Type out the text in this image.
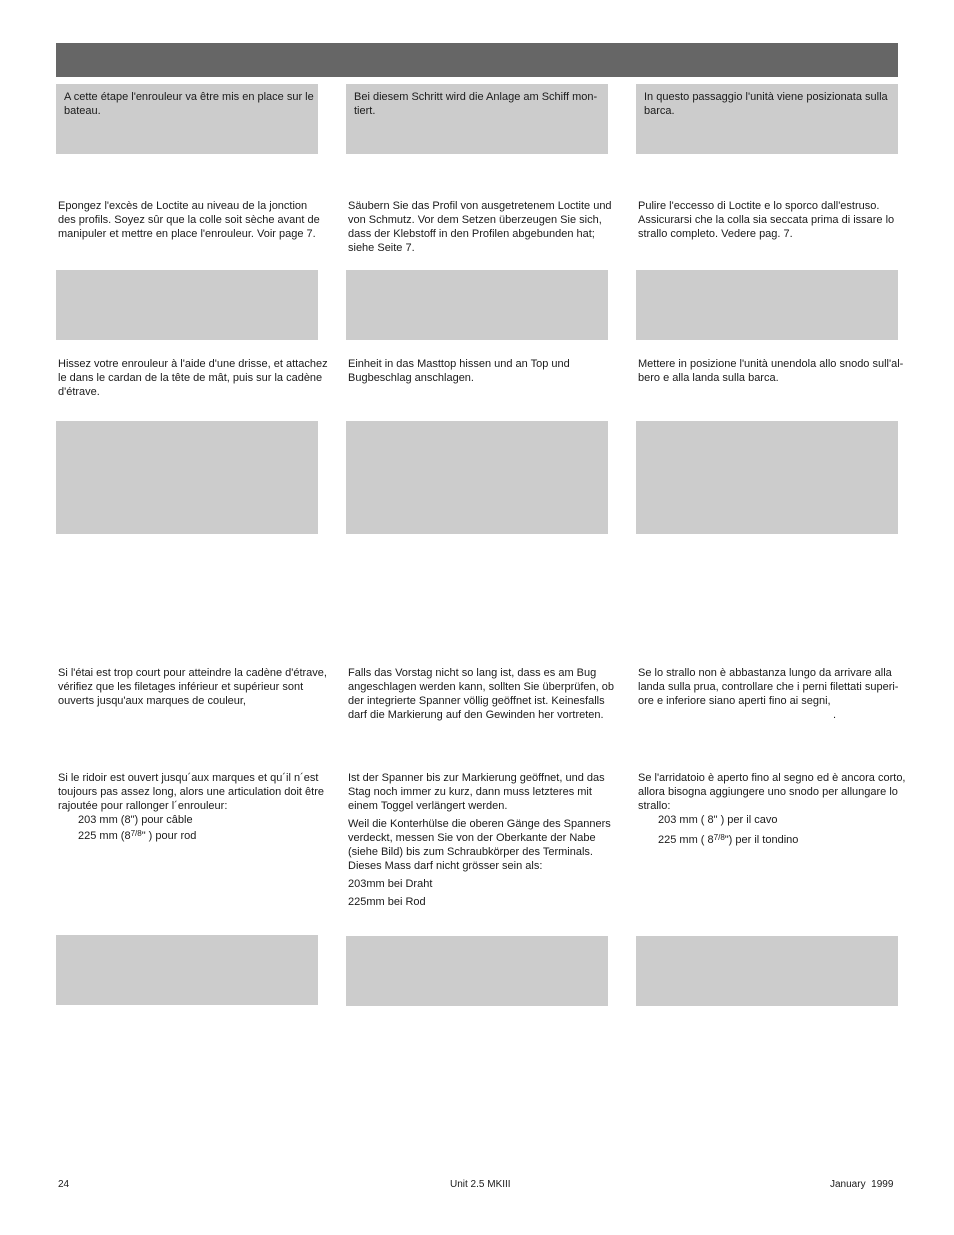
A cette étape l'enrouleur va être mis en place sur le
bateau.

Bei diesem Schritt wird die Anlage am Schiff mon-
tiert.

In questo passaggio l'unità viene posizionata sulla
barca.

Epongez l'excès de Loctite au niveau de la jonction
des profils. Soyez sûr que la colle soit sèche avant de
manipuler et mettre en place l'enrouleur. Voir page 7.
Säubern Sie das Profil von ausgetretenem Loctite und
von Schmutz. Vor dem Setzen überzeugen Sie sich,
dass der Klebstoff in den Profilen abgebunden hat;
siehe Seite 7.
Pulire l'eccesso di Loctite e lo sporco dall'estruso.
Assicurarsi che la colla sia seccata prima di issare lo
strallo completo. Vedere pag. 7.
Hissez votre enrouleur à l'aide d'une drisse, et attachez
le dans le cardan de la tête de mât, puis sur la cadène
d'étrave.
Einheit in das Masttop hissen und an Top und
Bugbeschlag anschlagen.
Mettere in posizione l'unità unendola allo snodo sull'al-
bero e alla landa sulla barca.
Si l'étai est trop court pour atteindre la cadène d'étrave,
vérifiez que les filetages inférieur et supérieur sont
ouverts jusqu'aux marques de couleur,
Falls das Vorstag nicht so lang ist, dass es am Bug
angeschlagen werden kann, sollten Sie überprüfen, ob
der integrierte Spanner völlig geöffnet ist. Keinesfalls
darf die Markierung auf den Gewinden her vortreten.
Se lo strallo non è abbastanza lungo da arrivare alla
landa sulla prua, controllare che i perni filettati superi-
ore e inferiore siano aperti fino ai segni,
.
Si le ridoir est ouvert jusqu´aux marques et qu´il n´est
toujours pas assez long, alors une articulation doit être
rajoutée pour rallonger l´enrouleur:
203 mm (8") pour câble
225 mm ($8^{7/8}$" ) pour rod
Ist der Spanner bis zur Markierung geöffnet, und das
Stag noch immer zu kurz, dann muss letzteres mit
einem Toggel verlängert werden.
Weil die Konterhülse die oberen Gänge des Spanners
verdeckt, messen Sie von der Oberkante der Nabe
(siehe Bild) bis zum Schraubkörper des Terminals.
Dieses Mass darf nicht grösser sein als:
203mm bei Draht
225mm bei Rod
Se l'arridatoio è aperto fino al segno ed è ancora corto,
allora bisogna aggiungere uno snodo per allungare lo
strallo:
203 mm ( 8" ) per il cavo
225 mm ( $8^{7/8}$") per il tondino
24	Unit 2.5 MKIII	January  1999
